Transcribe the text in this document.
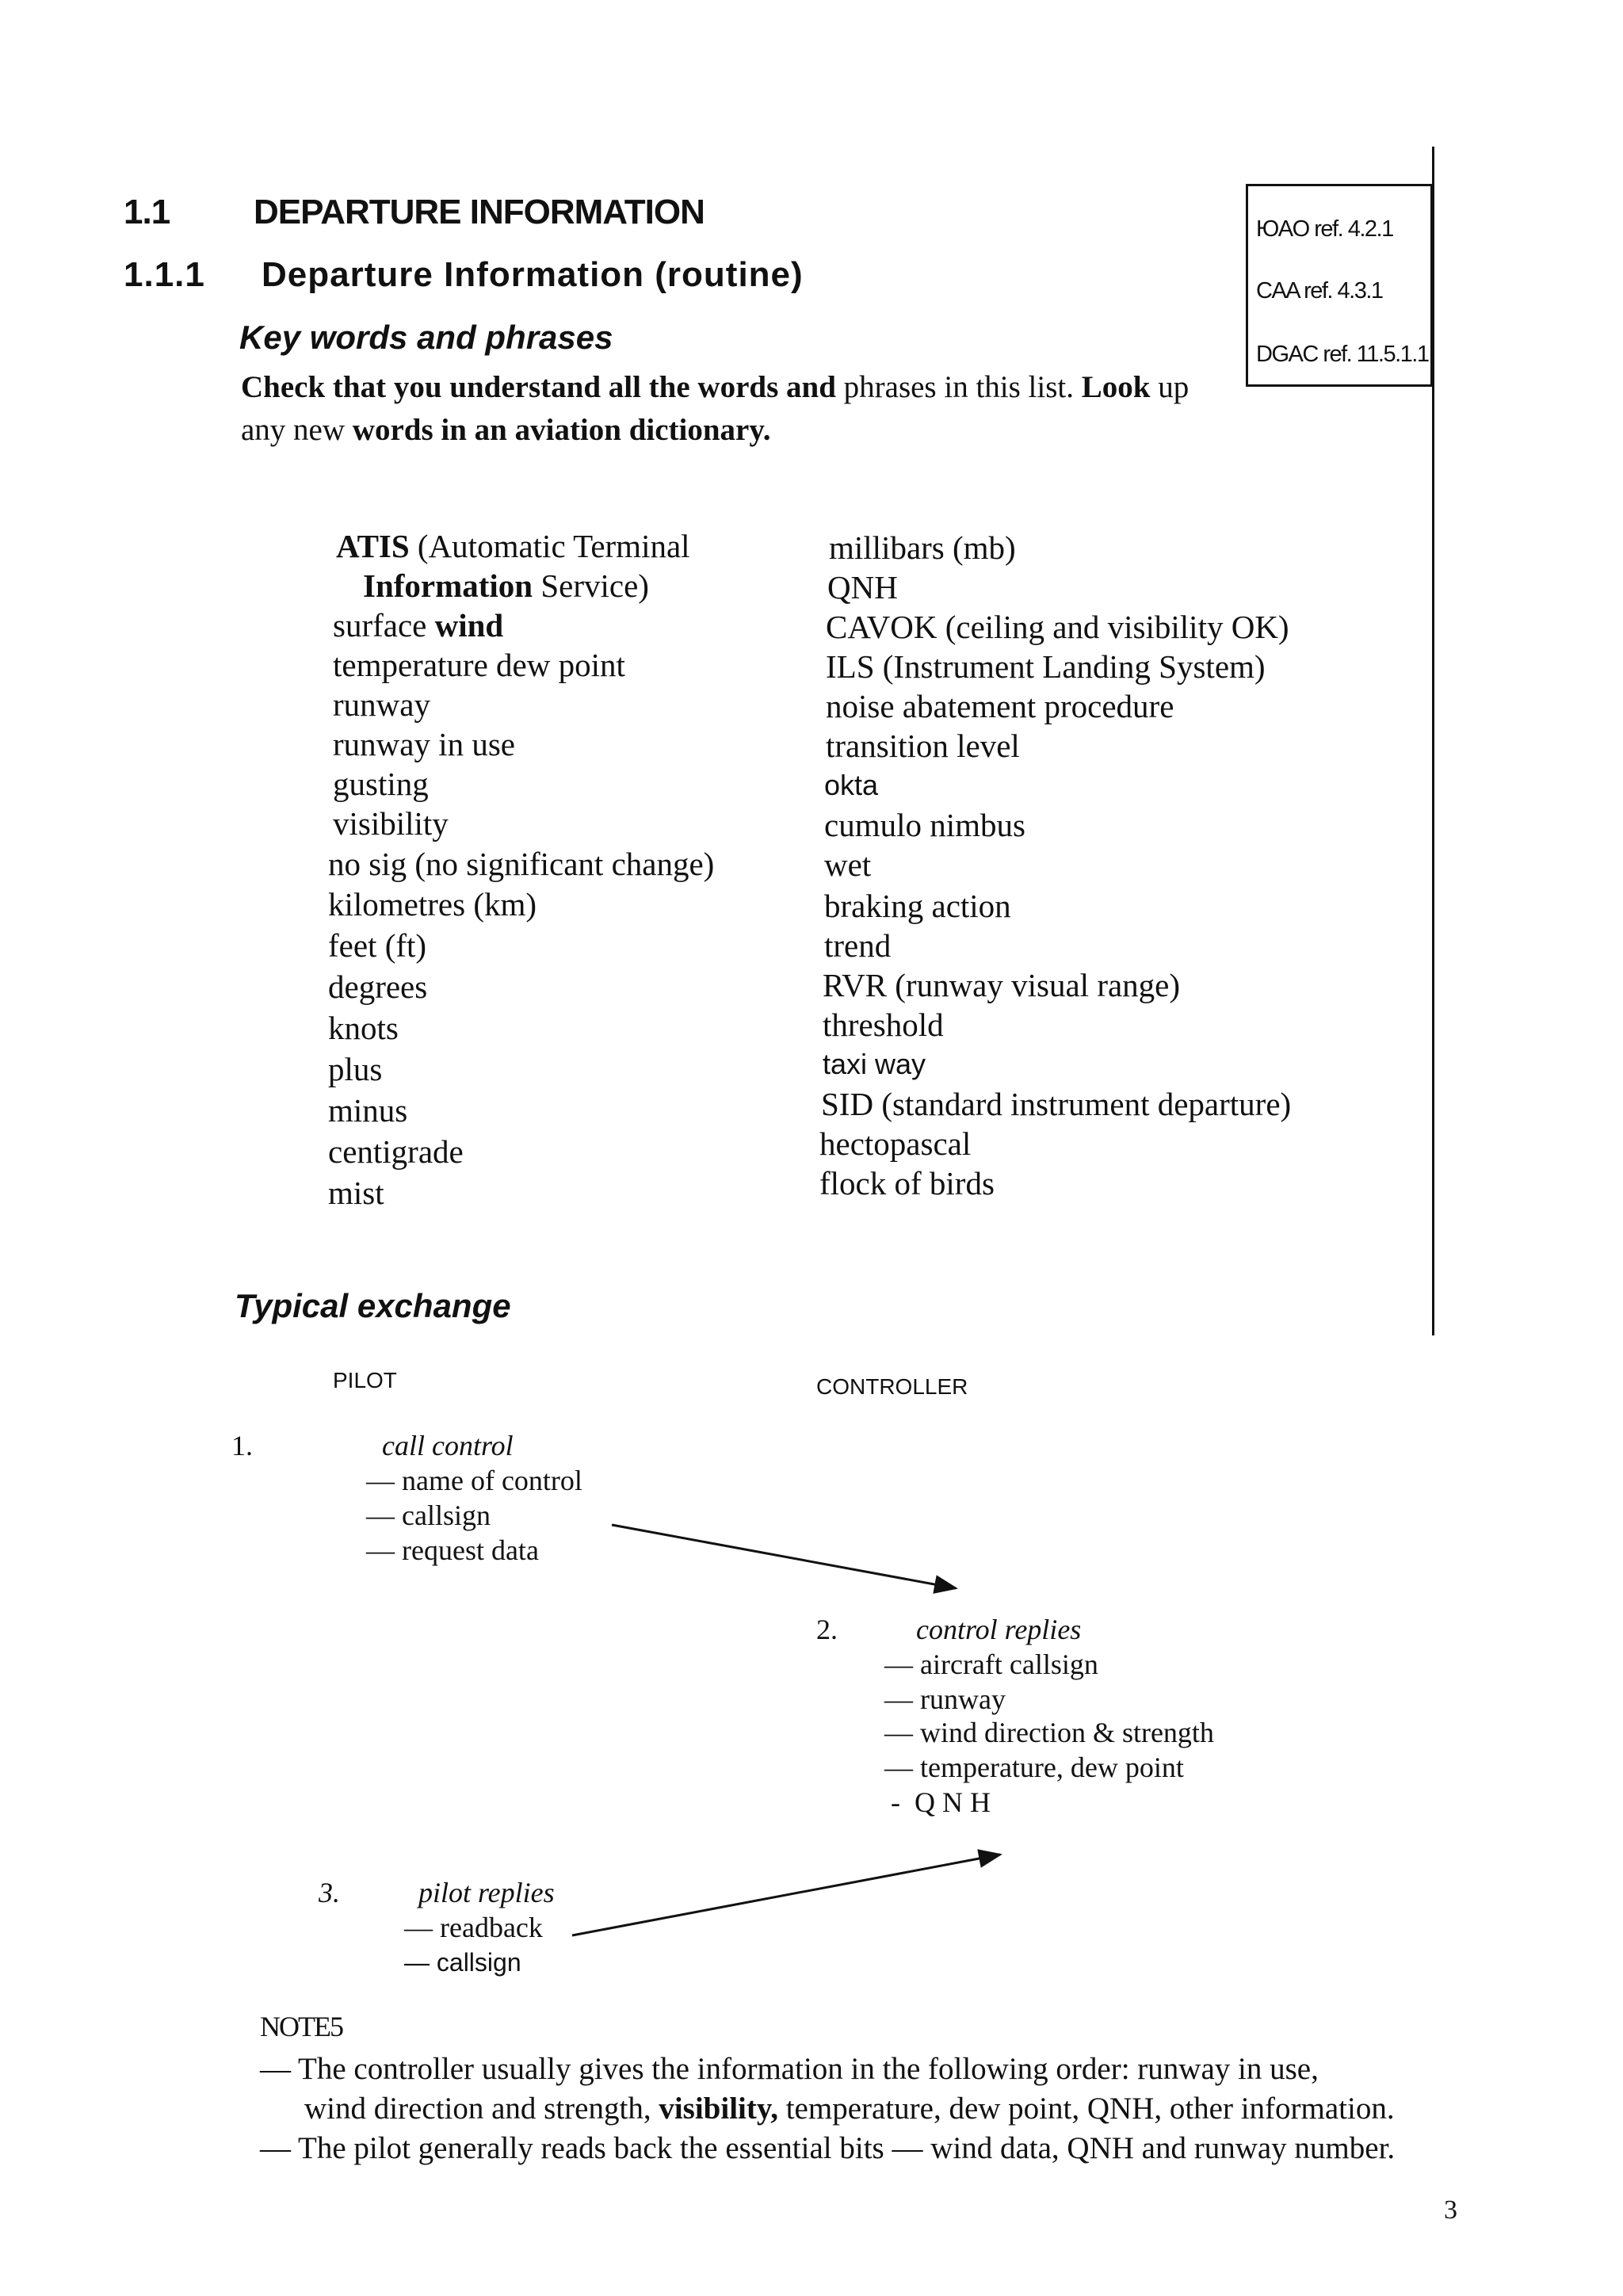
1.1 DEPARTURE INFORMATION
1.1.1 Departure Information (routine)
ЮAO ref. 4.2.1
CAA ref. 4.3.1
DGAC ref. 11.5.1.1
Key words and phrases
Check that you understand all the words and phrases in this list. Look up
any new words in an aviation dictionary.
ATIS (Automatic Terminal
Information Service)
surface wind
temperature dew point
runway
runway in use
gusting
visibility
no sig (no significant change)
kilometres (km)
feet (ft)
degrees
knots
plus
minus
centigrade
mist
millibars (mb)
QNH
CAVOK (ceiling and visibility OK)
ILS (Instrument Landing System)
noise abatement procedure
transition level
okta
cumulo nimbus
wet
braking action
trend
RVR (runway visual range)
threshold
taxi way
SID (standard instrument departure)
hectopascal
flock of birds
Typical exchange
PILOT	CONTROLLER
1.	call control
— name of control
— callsign
— request data
2.	control replies
— aircraft callsign
— runway
— wind direction & strength
— temperature, dew point
-  Q N H
3.	pilot replies
— readback
— callsign
NOTE5
— The controller usually gives the information in the following order: runway in use,
wind direction and strength, visibility, temperature, dew point, QNH, other information.
— The pilot generally reads back the essential bits — wind data, QNH and runway number.
3
